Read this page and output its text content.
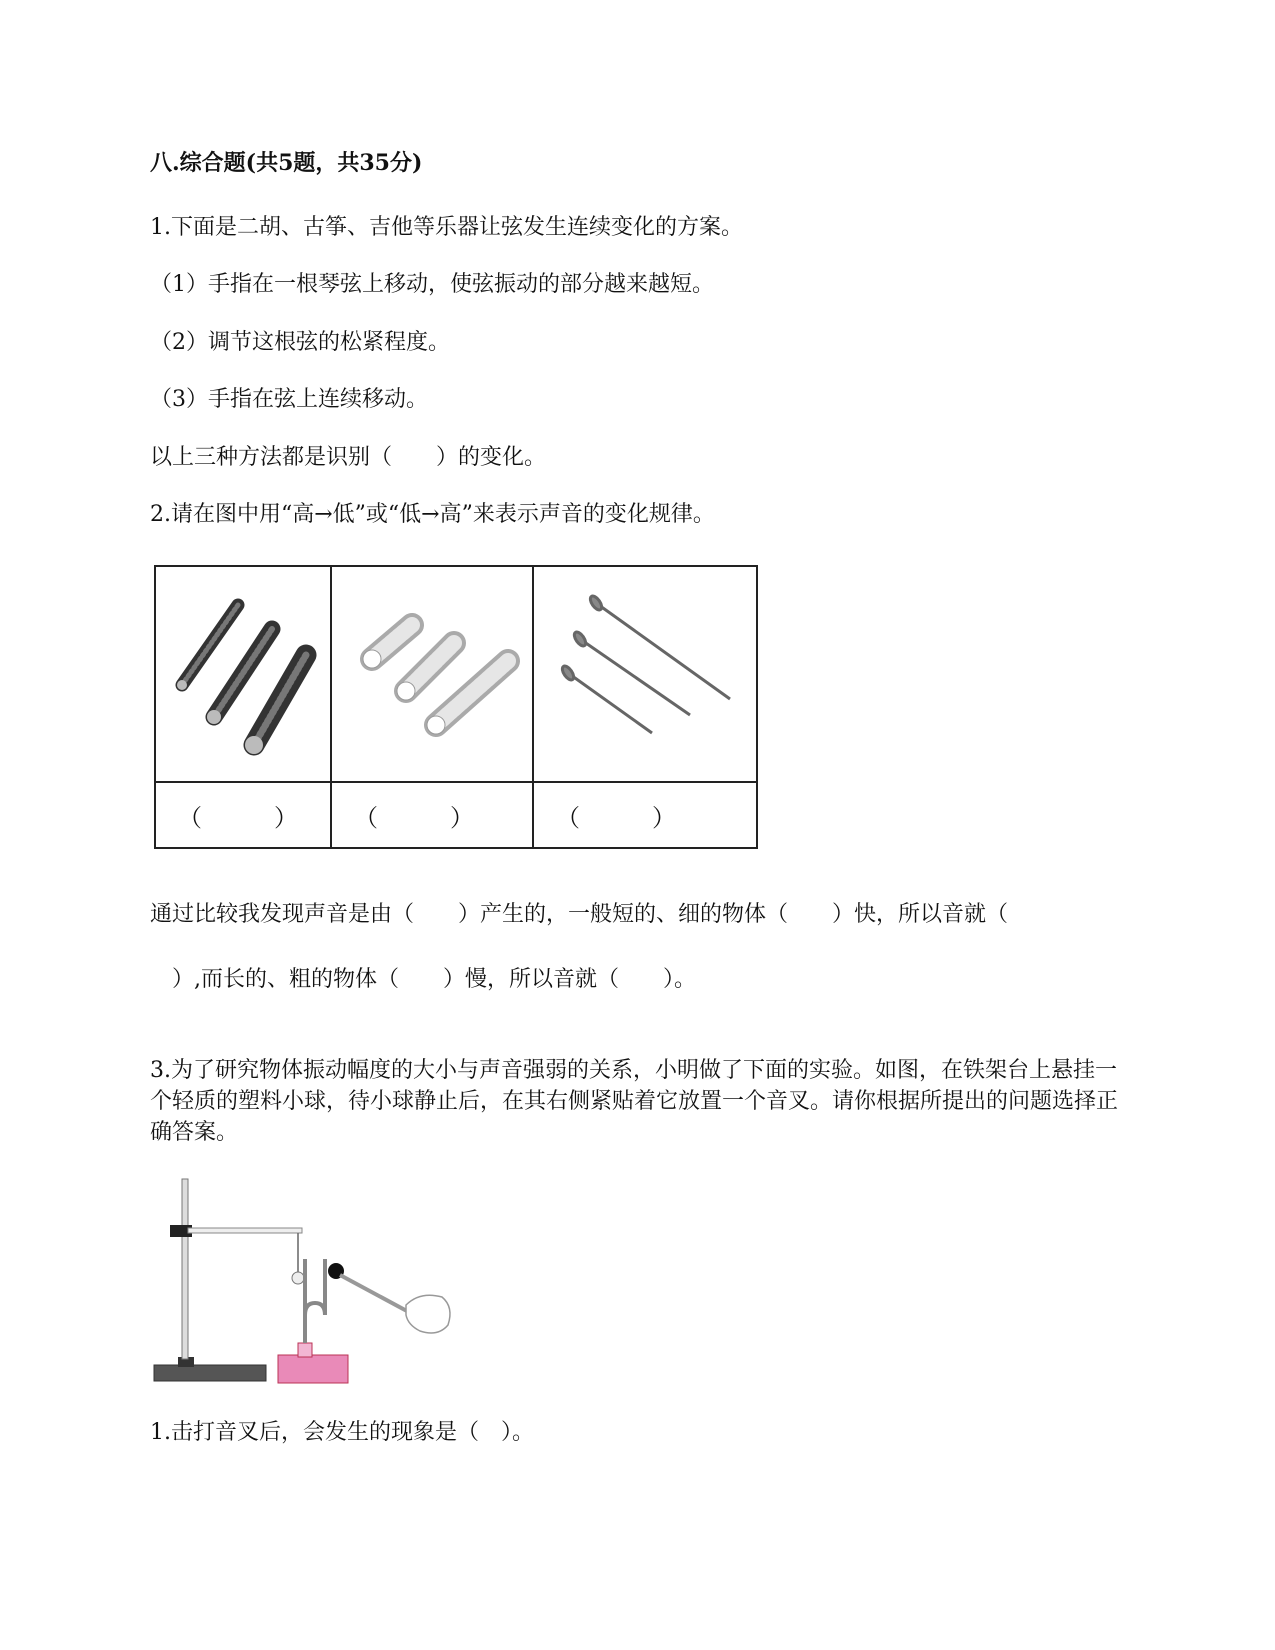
八.综合题(共5题，共35分)
1.下面是二胡、古筝、吉他等乐器让弦发生连续变化的方案。
（1）手指在一根琴弦上移动，使弦振动的部分越来越短。
（2）调节这根弦的松紧程度。
（3）手指在弦上连续移动。
以上三种方法都是识别（　　）的变化。
2.请在图中用“高→低”或“低→高”来表示声音的变化规律。

（　　　）	（　　　）	（　　　）
通过比较我发现声音是由（　　）产生的，一般短的、细的物体（　　）快，所以音就（
　）,而长的、粗的物体（　　）慢，所以音就（　　）。
3.为了研究物体振动幅度的大小与声音强弱的关系，小明做了下面的实验。如图，在铁架台上悬挂一个轻质的塑料小球，待小球静止后，在其右侧紧贴着它放置一个音叉。请你根据所提出的问题选择正确答案。
1.击打音叉后，会发生的现象是（　）。
